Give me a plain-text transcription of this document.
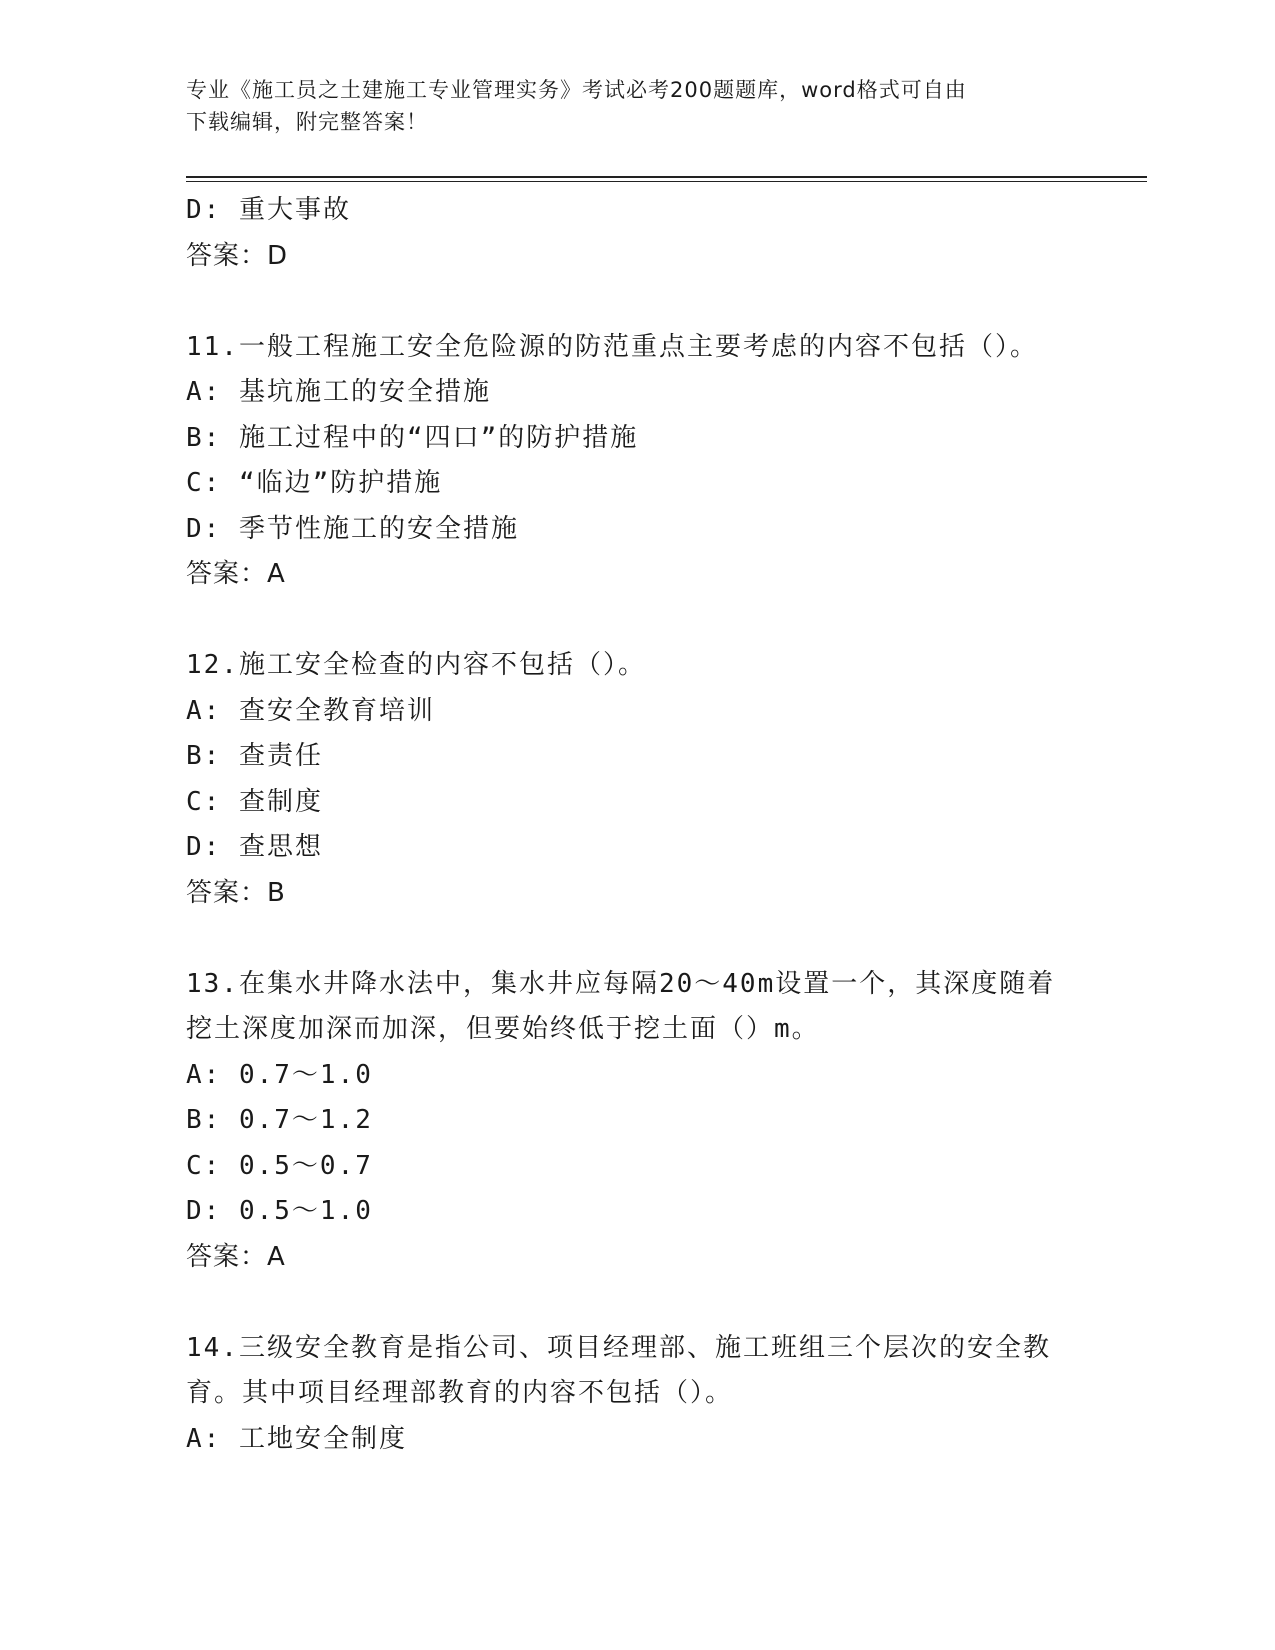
专业《施工员之土建施工专业管理实务》考试必考200题题库，word格式可自由
下载编辑，附完整答案！
D: 重大事故
答案：D
11.一般工程施工安全危险源的防范重点主要考虑的内容不包括（）。
A: 基坑施工的安全措施
B: 施工过程中的“四口”的防护措施
C: “临边”防护措施
D: 季节性施工的安全措施
答案：A
12.施工安全检查的内容不包括（）。
A: 查安全教育培训
B: 查责任
C: 查制度
D: 查思想
答案：B
13.在集水井降水法中，集水井应每隔20～40m设置一个，其深度随着
挖土深度加深而加深，但要始终低于挖土面（）m。
A: 0.7～1.0
B: 0.7～1.2
C: 0.5～0.7
D: 0.5～1.0
答案：A
14.三级安全教育是指公司、项目经理部、施工班组三个层次的安全教
育。其中项目经理部教育的内容不包括（）。
A: 工地安全制度
